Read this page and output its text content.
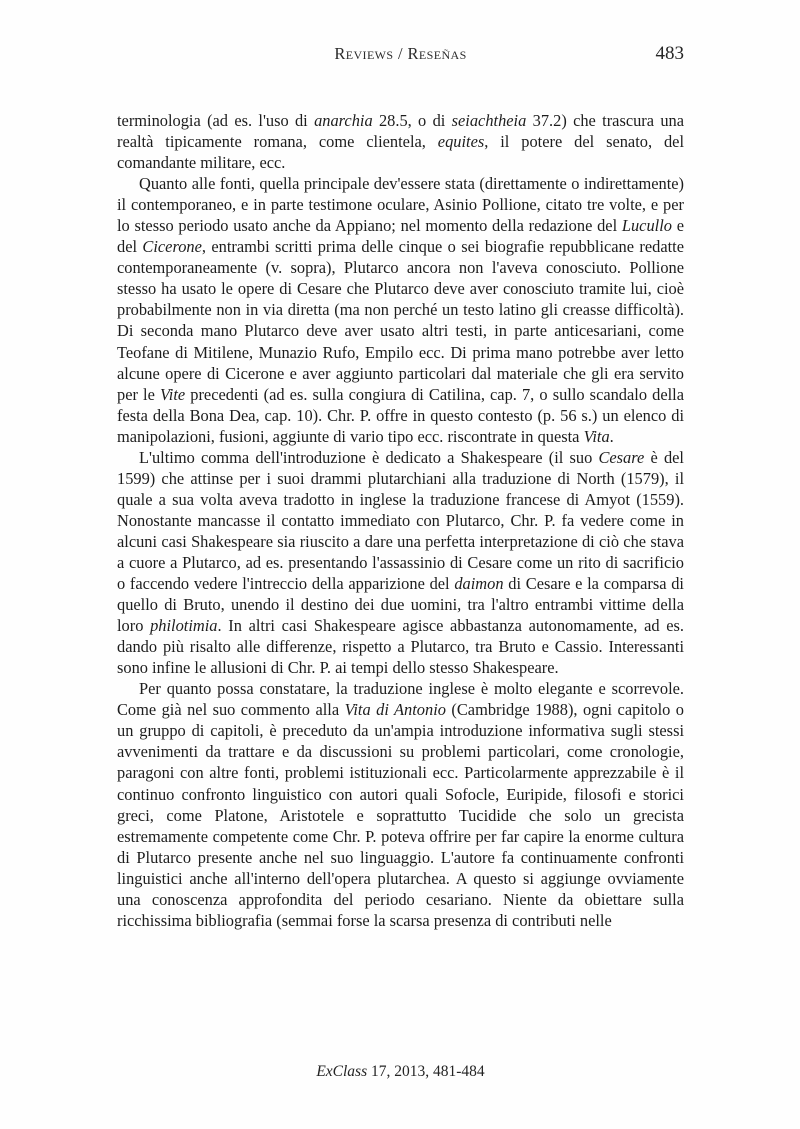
Reviews / Reseñas	483

terminologia (ad es. l'uso di anarchia 28.5, o di seiachtheia 37.2) che trascura una realtà tipicamente romana, come clientela, equites, il potere del senato, del comandante militare, ecc.

Quanto alle fonti, quella principale dev'essere stata (direttamente o indirettamente) il contemporaneo, e in parte testimone oculare, Asinio Pollione, citato tre volte, e per lo stesso periodo usato anche da Appiano; nel momento della redazione del Lucullo e del Cicerone, entrambi scritti prima delle cinque o sei biografie repubblicane redatte contemporaneamente (v. sopra), Plutarco ancora non l'aveva conosciuto. Pollione stesso ha usato le opere di Cesare che Plutarco deve aver conosciuto tramite lui, cioè probabilmente non in via diretta (ma non perché un testo latino gli creasse difficoltà). Di seconda mano Plutarco deve aver usato altri testi, in parte anticesariani, come Teofane di Mitilene, Munazio Rufo, Empilo ecc. Di prima mano potrebbe aver letto alcune opere di Cicerone e aver aggiunto particolari dal materiale che gli era servito per le Vite precedenti (ad es. sulla congiura di Catilina, cap. 7, o sullo scandalo della festa della Bona Dea, cap. 10). Chr. P. offre in questo contesto (p. 56 s.) un elenco di manipolazioni, fusioni, aggiunte di vario tipo ecc. riscontrate in questa Vita.

L'ultimo comma dell'introduzione è dedicato a Shakespeare (il suo Cesare è del 1599) che attinse per i suoi drammi plutarchiani alla traduzione di North (1579), il quale a sua volta aveva tradotto in inglese la traduzione francese di Amyot (1559). Nonostante mancasse il contatto immediato con Plutarco, Chr. P. fa vedere come in alcuni casi Shakespeare sia riuscito a dare una perfetta interpretazione di ciò che stava a cuore a Plutarco, ad es. presentando l'assassinio di Cesare come un rito di sacrificio o faccendo vedere l'intreccio della apparizione del daimon di Cesare e la comparsa di quello di Bruto, unendo il destino dei due uomini, tra l'altro entrambi vittime della loro philotimia. In altri casi Shakespeare agisce abbastanza autonomamente, ad es. dando più risalto alle differenze, rispetto a Plutarco, tra Bruto e Cassio. Interessanti sono infine le allusioni di Chr. P. ai tempi dello stesso Shakespeare.

Per quanto possa constatare, la traduzione inglese è molto elegante e scorrevole. Come già nel suo commento alla Vita di Antonio (Cambridge 1988), ogni capitolo o un gruppo di capitoli, è preceduto da un'ampia introduzione informativa sugli stessi avvenimenti da trattare e da discussioni su problemi particolari, come cronologie, paragoni con altre fonti, problemi istituzionali ecc. Particolarmente apprezzabile è il continuo confronto linguistico con autori quali Sofocle, Euripide, filosofi e storici greci, come Platone, Aristotele e soprattutto Tucidide che solo un grecista estremamente competente come Chr. P. poteva offrire per far capire la enorme cultura di Plutarco presente anche nel suo linguaggio. L'autore fa continuamente confronti linguistici anche all'interno dell'opera plutarchea. A questo si aggiunge ovviamente una conoscenza approfondita del periodo cesariano. Niente da obiettare sulla ricchissima bibliografia (semmai forse la scarsa presenza di contributi nelle

ExClass 17, 2013, 481-484
